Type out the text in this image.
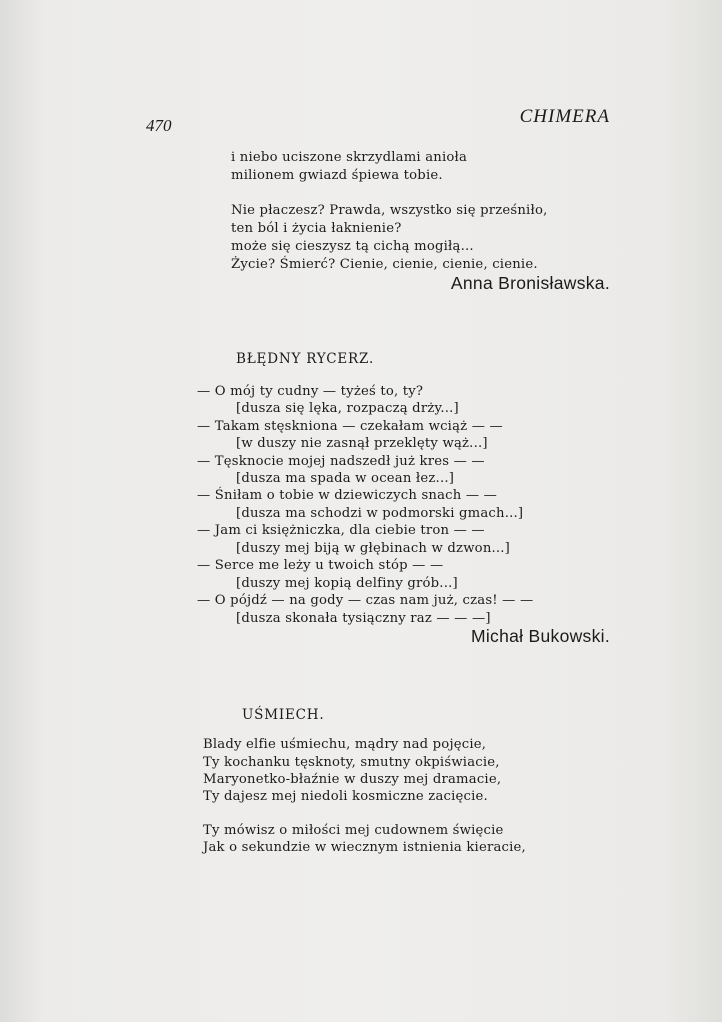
470	CHIMERA
i niebo uciszone skrzydlami anioła
milionem gwiazd śpiewa tobie.
Nie płaczesz? Prawda, wszystko się prześniło,
ten ból i życia łaknienie?
może się cieszysz tą cichą mogiłą...
Życie? Śmierć? Cienie, cienie, cienie, cienie.
Anna Bronisławska.
BŁĘDNY RYCERZ.
— O mój ty cudny — tyżeś to, ty?
[dusza się lęka, rozpaczą drży...]
— Takam stęskniona — czekałam wciąż — —
[w duszy nie zasnął przeklęty wąż...]
— Tęsknocie mojej nadszedł już kres — —
[dusza ma spada w ocean łez...]
— Śniłam o tobie w dziewiczych snach — —
[dusza ma schodzi w podmorski gmach...]
— Jam ci księżniczka, dla ciebie tron — —
[duszy mej biją w głębinach w dzwon...]
— Serce me leży u twoich stóp — —
[duszy mej kopią delfiny grób...]
— O pójdź — na gody — czas nam już, czas! — —
[dusza skonała tysiączny raz — — —]
Michał Bukowski.
UŚMIECH.
Blady elfie uśmiechu, mądry nad pojęcie,
Ty kochanku tęsknoty, smutny okpiświacie,
Maryonetko-błaźnie w duszy mej dramacie,
Ty dajesz mej niedoli kosmiczne zacięcie.
Ty mówisz o miłości mej cudownem święcie
Jak o sekundzie w wiecznym istnienia kieracie,
